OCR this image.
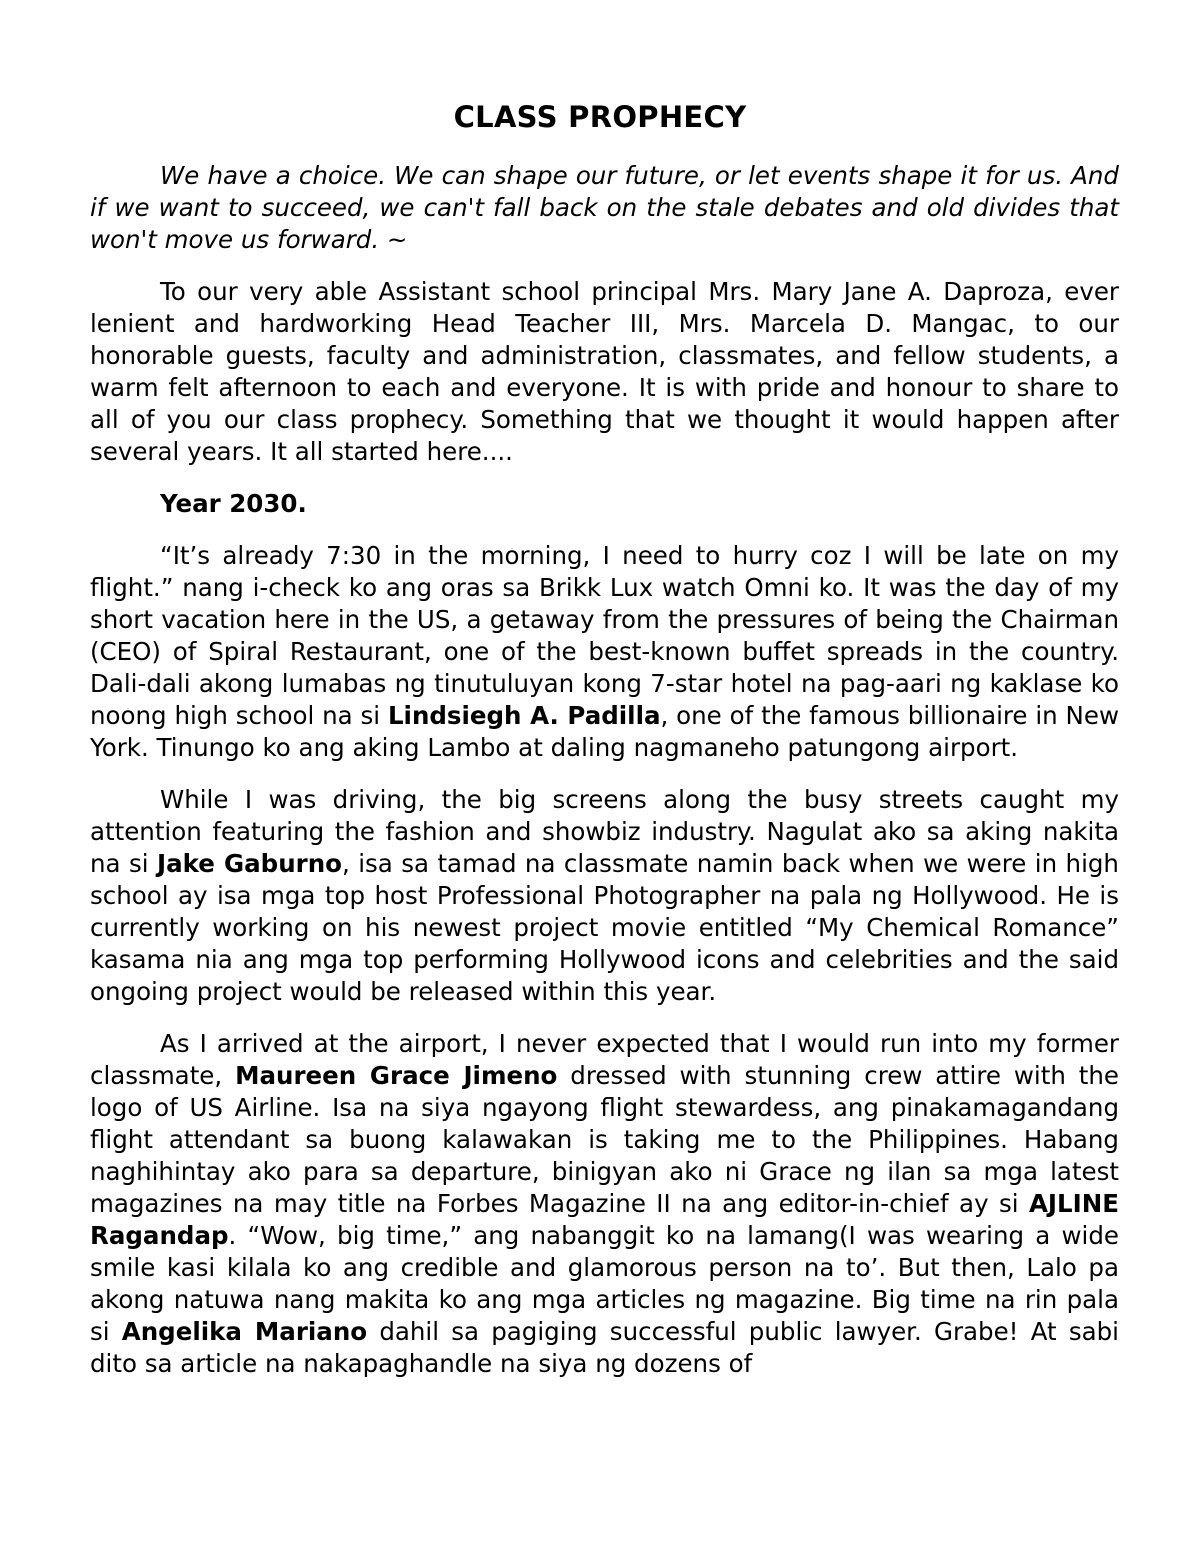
CLASS PROPHECY

We have a choice. We can shape our future, or let events shape it for us. And if we want to succeed, we can't fall back on the stale debates and old divides that won't move us forward. ~

To our very able Assistant school principal Mrs. Mary Jane A. Daproza, ever lenient and hardworking Head Teacher III, Mrs. Marcela D. Mangac, to our honorable guests, faculty and administration, classmates, and fellow students, a warm felt afternoon to each and everyone. It is with pride and honour to share to all of you our class prophecy. Something that we thought it would happen after several years. It all started here....

Year 2030.

“It’s already 7:30 in the morning, I need to hurry coz I will be late on my flight.” nang i-check ko ang oras sa Brikk Lux watch Omni ko. It was the day of my short vacation here in the US, a getaway from the pressures of being the Chairman (CEO) of Spiral Restaurant, one of the best-known buffet spreads in the country. Dali-dali akong lumabas ng tinutuluyan kong 7-star hotel na pag-aari ng kaklase ko noong high school na si Lindsiegh A. Padilla, one of the famous billionaire in New York. Tinungo ko ang aking Lambo at daling nagmaneho patungong airport.

While I was driving, the big screens along the busy streets caught my attention featuring the fashion and showbiz industry. Nagulat ako sa aking nakita na si Jake Gaburno, isa sa tamad na classmate namin back when we were in high school ay isa mga top host Professional Photographer na pala ng Hollywood. He is currently working on his newest project movie entitled “My Chemical Romance” kasama nia ang mga top performing Hollywood icons and celebrities and the said ongoing project would be released within this year.

As I arrived at the airport, I never expected that I would run into my former classmate, Maureen Grace Jimeno dressed with stunning crew attire with the logo of US Airline. Isa na siya ngayong flight stewardess, ang pinakamagandang flight attendant sa buong kalawakan is taking me to the Philippines. Habang naghihintay ako para sa departure, binigyan ako ni Grace ng ilan sa mga latest magazines na may title na Forbes Magazine II na ang editor-in-chief ay si AJLINE Ragandap. “Wow, big time,” ang nabanggit ko na lamang(I was wearing a wide smile kasi kilala ko ang credible and glamorous person na to’. But then, Lalo pa akong natuwa nang makita ko ang mga articles ng magazine. Big time na rin pala si Angelika Mariano dahil sa pagiging successful public lawyer. Grabe! At sabi dito sa article na nakapaghandle na siya ng dozens of
